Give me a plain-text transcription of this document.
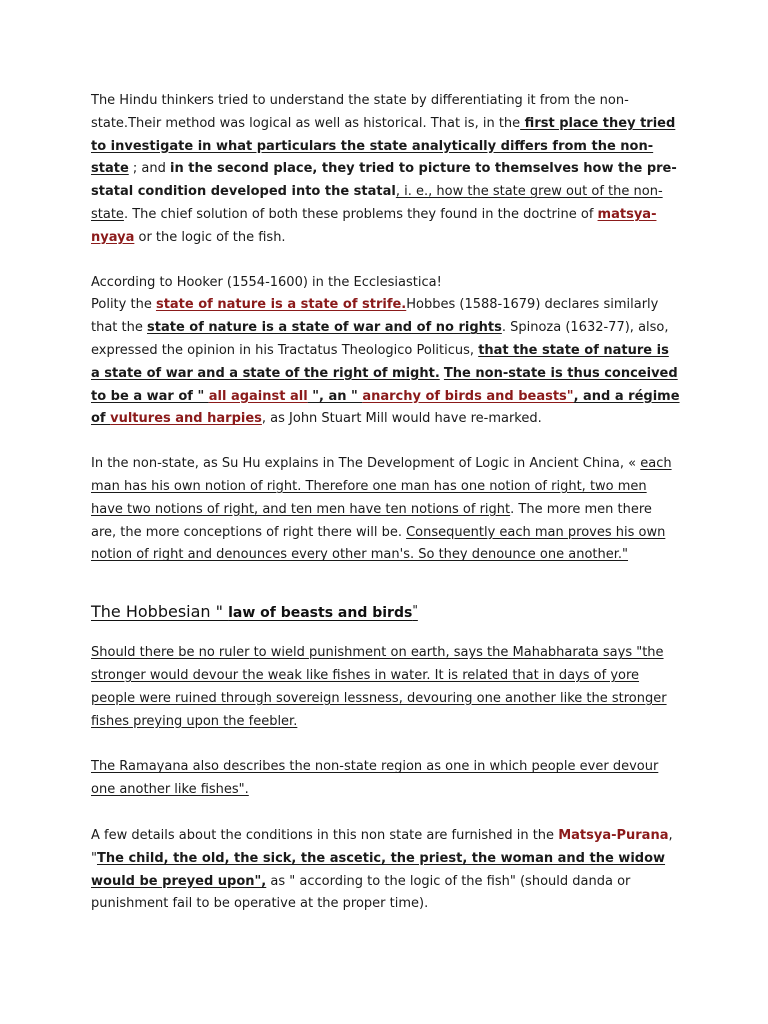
The Hindu thinkers tried to understand the state by differentiating it from the non-state.Their method was logical as well as historical. That is, in the first place they tried to investigate in what particulars the state analytically differs from the non-state ; and in the second place, they tried to picture to themselves how the pre-statal condition developed into the statal, i. e., how the state grew out of the non-state. The chief solution of both these problems they found in the doctrine of matsya-nyaya or the logic of the fish.

According to Hooker (1554-1600) in the Ecclesiastica!

Polity the state of nature is a state of strife.Hobbes (1588-1679) declares similarly that the state of nature is a state of war and of no rights. Spinoza (1632-77), also, expressed the opinion in his Tractatus Theologico Politicus, that the state of nature is a state of war and a state of the right of might. The non-state is thus conceived to be a war of " all against all ", an " anarchy of birds and beasts", and a régime of vultures and harpies, as John Stuart Mill would have re-marked.

In the non-state, as Su Hu explains in The Development of Logic in Ancient China, « each man has his own notion of right. Therefore one man has one notion of right, two men have two notions of right, and ten men have ten notions of right. The more men there are, the more conceptions of right there will be. Consequently each man proves his own notion of right and denounces every other man's. So they denounce one another."

The Hobbesian " law of beasts and birds"

Should there be no ruler to wield punishment on earth, says the Mahabharata says "the stronger would devour the weak like fishes in water. It is related that in days of yore people were ruined through sovereign lessness, devouring one another like the stronger fishes preying upon the feebler.

The Ramayana also describes the non-state region as one in which people ever devour one another like fishes".

A few details about the conditions in this non state are furnished in the Matsya-Purana, "The child, the old, the sick, the ascetic, the priest, the woman and the widow would be preyed upon", as " according to the logic of the fish" (should danda or punishment fail to be operative at the proper time).
